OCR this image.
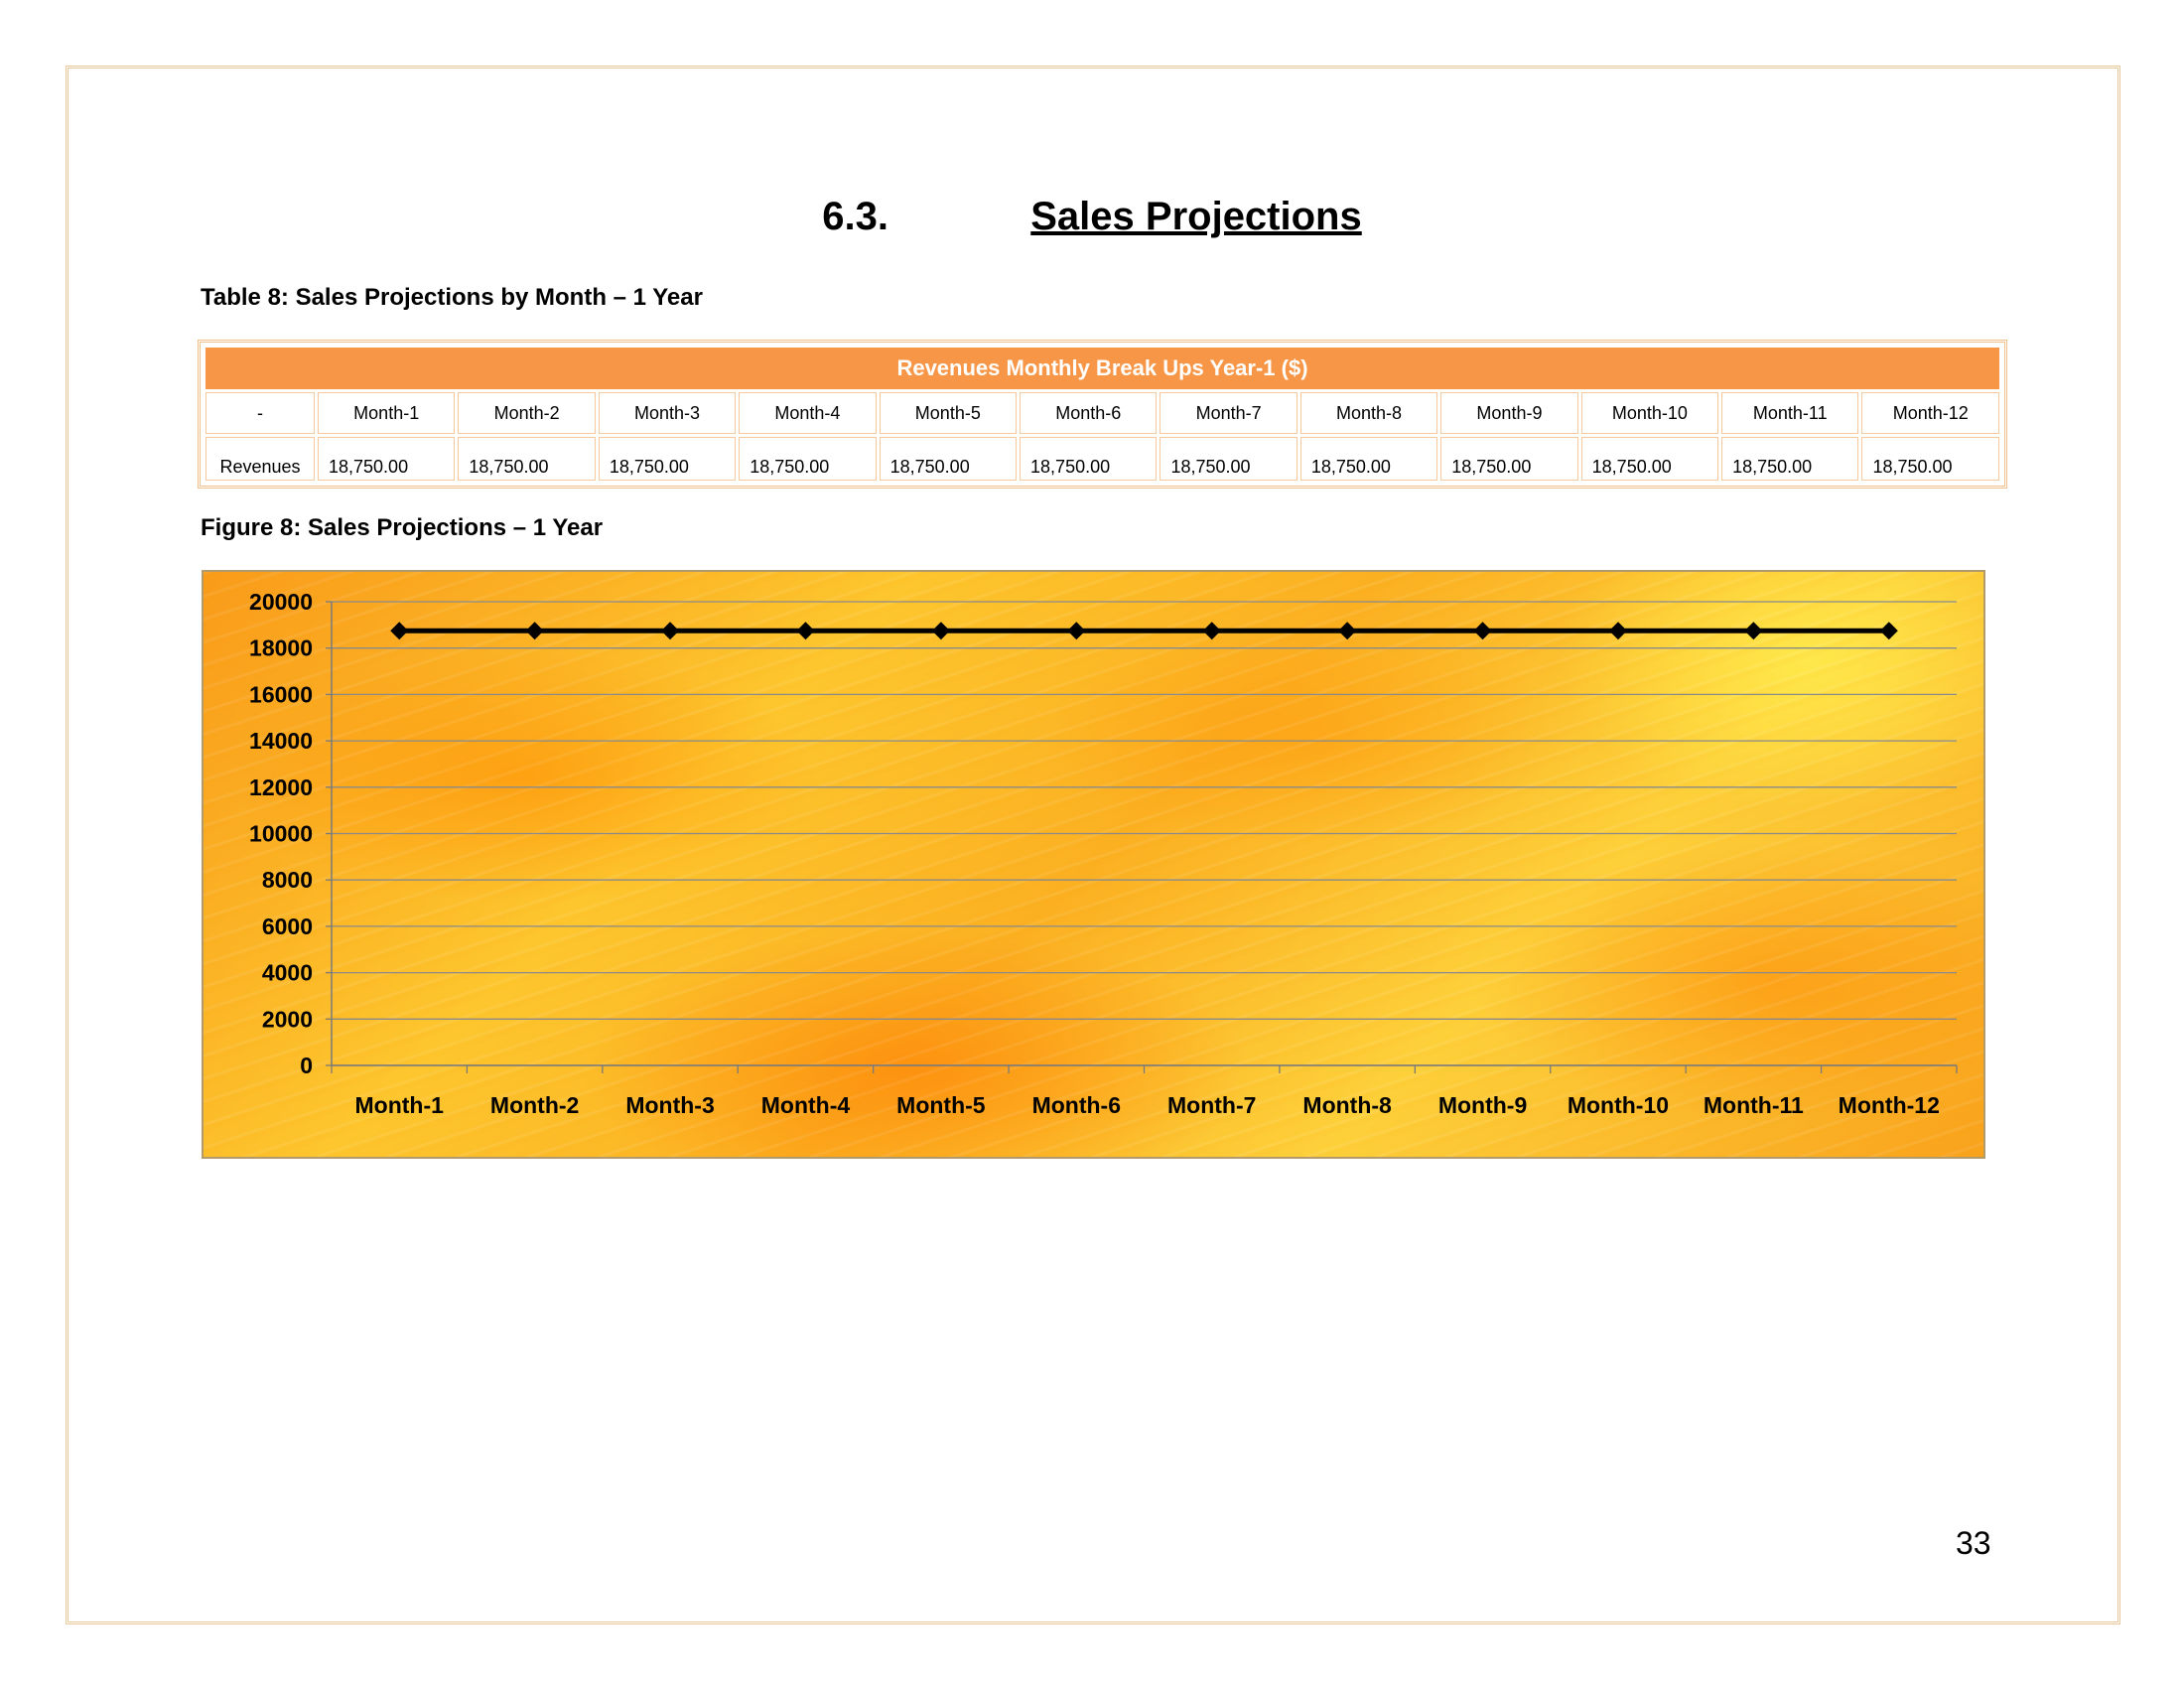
6.3.	Sales Projections
Table 8: Sales Projections by Month – 1 Year
Revenues Monthly Break Ups Year-1 ($)												
-	Month-1	Month-2	Month-3	Month-4	Month-5	Month-6	Month-7	Month-8	Month-9	Month-10	Month-11	Month-12
Revenues	18,750.00	18,750.00	18,750.00	18,750.00	18,750.00	18,750.00	18,750.00	18,750.00	18,750.00	18,750.00	18,750.00	18,750.00
Figure 8: Sales Projections – 1 Year
0
2000
4000
6000
8000
10000
12000
14000
16000
18000
20000
Month-1 Month-2 Month-3 Month-4 Month-5 Month-6 Month-7 Month-8 Month-9 Month-10 Month-11 Month-12
33
